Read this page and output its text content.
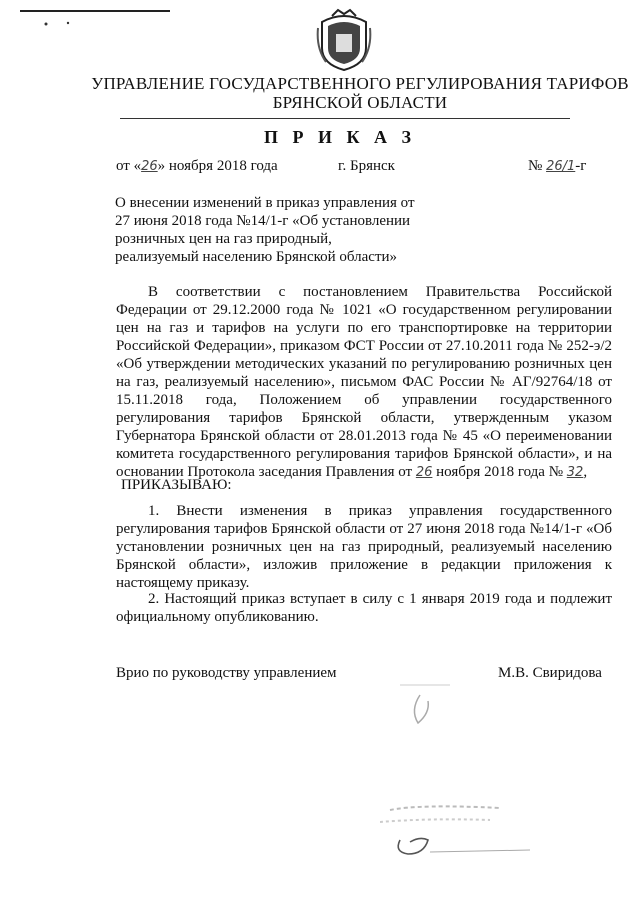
УПРАВЛЕНИЕ ГОСУДАРСТВЕННОГО РЕГУЛИРОВАНИЯ ТАРИФОВ
БРЯНСКОЙ ОБЛАСТИ
П Р И К А З
от «26» ноября 2018 года	г. Брянск	№ 26/1-г
О внесении изменений в приказ управления от 27 июня 2018 года №14/1-г «Об установлении розничных цен на газ природный, реализуемый населению Брянской области»
В соответствии с постановлением Правительства Российской Федерации от 29.12.2000 года № 1021 «О государственном регулировании цен на газ и тарифов на услуги по его транспортировке на территории Российской Федерации», приказом ФСТ России от 27.10.2011 года № 252-э/2 «Об утверждении методических указаний по регулированию розничных цен на газ, реализуемый населению», письмом ФАС России № АГ/92764/18 от 15.11.2018 года, Положением об управлении государственного регулирования тарифов Брянской области, утвержденным указом Губернатора Брянской области от 28.01.2013 года № 45 «О переименовании комитета государственного регулирования тарифов Брянской области», и на основании Протокола заседания Правления от 26 ноября 2018 года № 32,
ПРИКАЗЫВАЮ:
1. Внести изменения в приказ управления государственного регулирования тарифов Брянской области от 27 июня 2018 года №14/1-г «Об установлении розничных цен на газ природный, реализуемый населению Брянской области», изложив приложение в редакции приложения к настоящему приказу.
2. Настоящий приказ вступает в силу с 1 января 2019 года и подлежит официальному опубликованию.
Врио по руководству управлением	М.В. Свиридова
